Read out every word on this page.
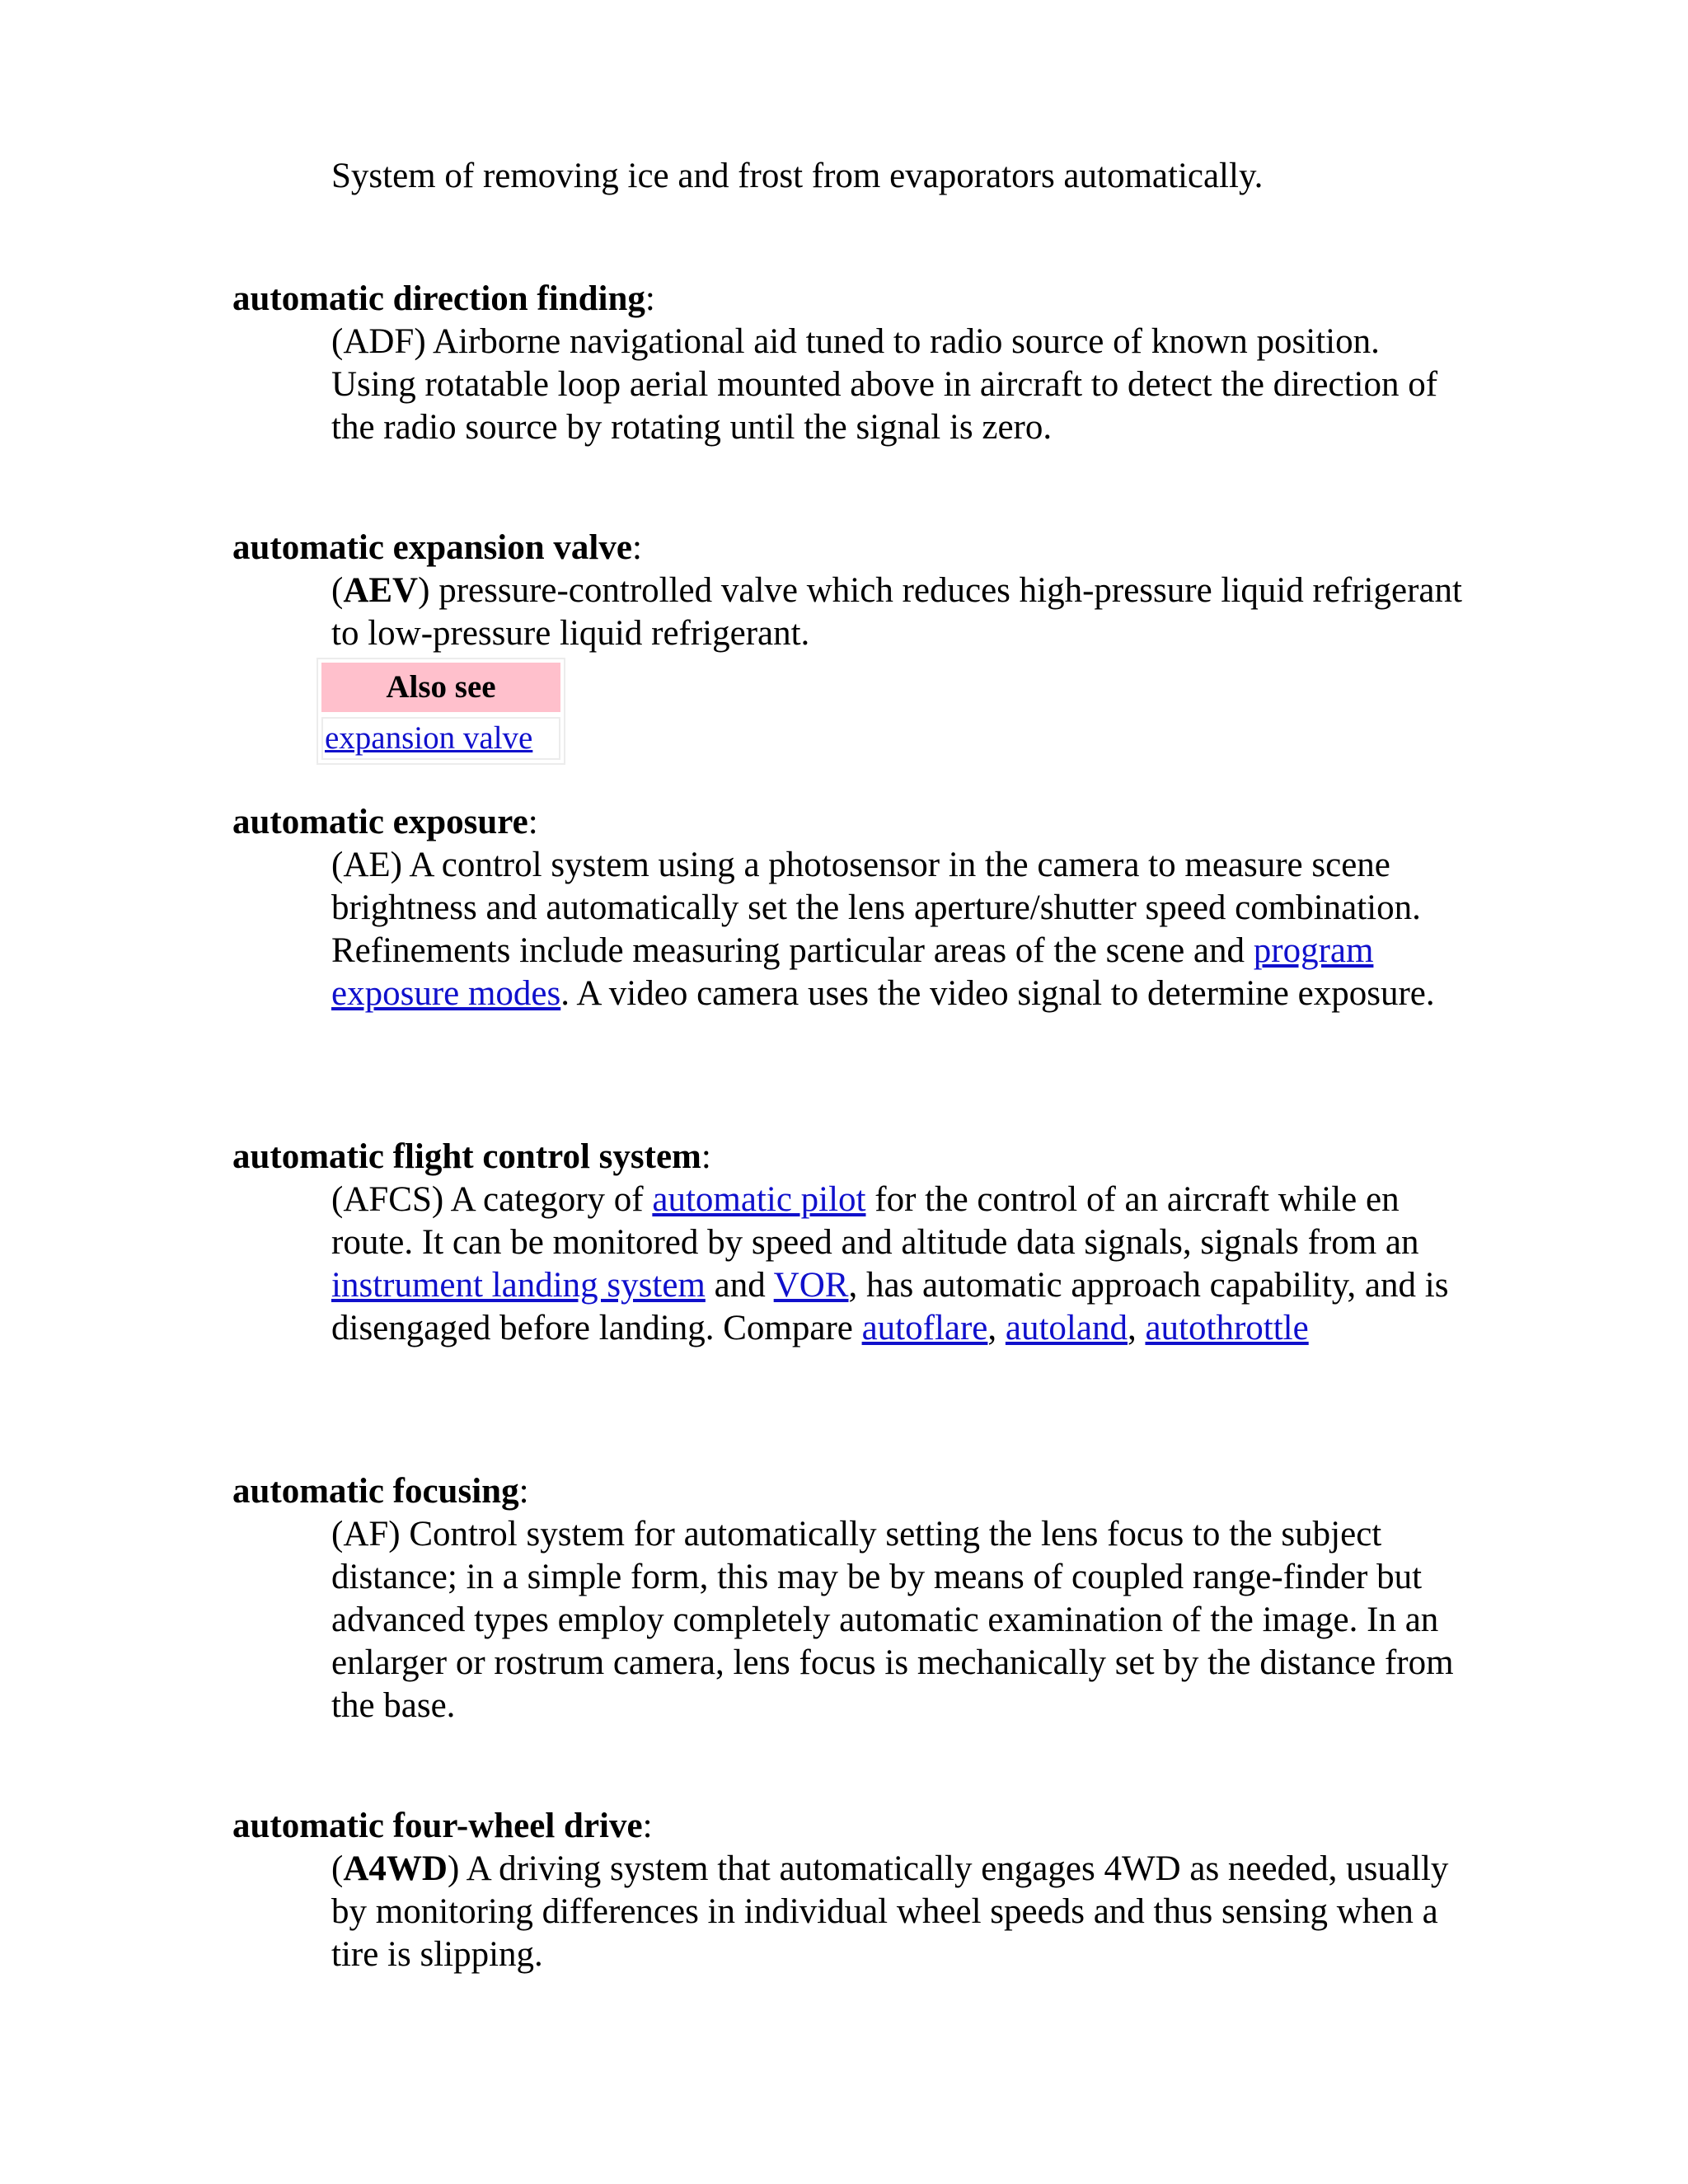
System of removing ice and frost from evaporators automatically.
automatic direction finding:
(ADF) Airborne navigational aid tuned to radio source of known position. Using rotatable loop aerial mounted above in aircraft to detect the direction of the radio source by rotating until the signal is zero.
automatic expansion valve:
(AEV) pressure-controlled valve which reduces high-pressure liquid refrigerant to low-pressure liquid refrigerant.
Also see
expansion valve
automatic exposure:
(AE) A control system using a photosensor in the camera to measure scene brightness and automatically set the lens aperture/shutter speed combination. Refinements include measuring particular areas of the scene and program exposure modes. A video camera uses the video signal to determine exposure.
automatic flight control system:
(AFCS) A category of automatic pilot for the control of an aircraft while en route. It can be monitored by speed and altitude data signals, signals from an instrument landing system and VOR, has automatic approach capability, and is disengaged before landing. Compare autoflare, autoland, autothrottle
automatic focusing:
(AF) Control system for automatically setting the lens focus to the subject distance; in a simple form, this may be by means of coupled range-finder but advanced types employ completely automatic examination of the image. In an enlarger or rostrum camera, lens focus is mechanically set by the distance from the base.
automatic four-wheel drive:
(A4WD) A driving system that automatically engages 4WD as needed, usually by monitoring differences in individual wheel speeds and thus sensing when a tire is slipping.
